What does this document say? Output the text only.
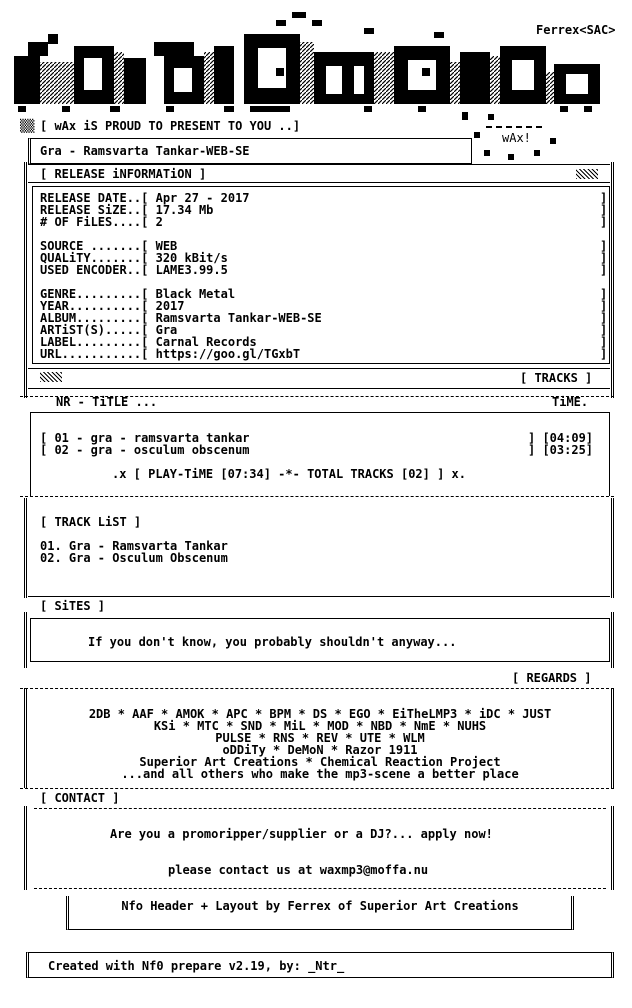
Ferrex<SAC>
▒▒ [ wAx iS PROUD TO PRESENT TO YOU ..]
wAx!
Gra - Ramsvarta Tankar-WEB-SE
[ RELEASE iNFORMATiON ]
RELEASE DATE..[ Apr 27 - 2017
RELEASE SiZE..[ 17.34 Mb
# OF FiLES....[ 2
SOURCE .......[ WEB
QUALiTY.......[ 320 kBit/s
USED ENCODER..[ LAME3.99.5
GENRE.........[ Black Metal
YEAR..........[ 2017
ALBUM.........[ Ramsvarta Tankar-WEB-SE
ARTiST(S).....[ Gra
LABEL.........[ Carnal Records
URL...........[ https://goo.gl/TGxbT
]
]
]

]
]
]

]
]
]
]
]
]
[ TRACKS ]
NR - TiTLE ...	TiME.
[ 01 - gra - ramsvarta tankar	] [04:09]
[ 02 - gra - osculum obscenum	] [03:25]
.x [ PLAY-TiME [07:34] -*- TOTAL TRACKS [02] ] x.
[ TRACK LiST ]
01. Gra - Ramsvarta Tankar
02. Gra - Osculum Obscenum
[ SiTES ]
If you don't know, you probably shouldn't anyway...
[ REGARDS ]
2DB * AAF * AMOK * APC * BPM * DS * EGO * EiTheLMP3 * iDC * JUST
KSi * MTC * SND * MiL * MOD * NBD * NmE * NUHS
PULSE * RNS * REV * UTE * WLM
oDDiTy * DeMoN * Razor 1911
Superior Art Creations * Chemical Reaction Project
...and all others who make the mp3-scene a better place
[ CONTACT ]
Are you a promoripper/supplier or a DJ?... apply now!
please contact us at waxmp3@moffa.nu
Nfo Header + Layout by Ferrex of Superior Art Creations
Created with Nf0 prepare v2.19, by: _Ntr_
